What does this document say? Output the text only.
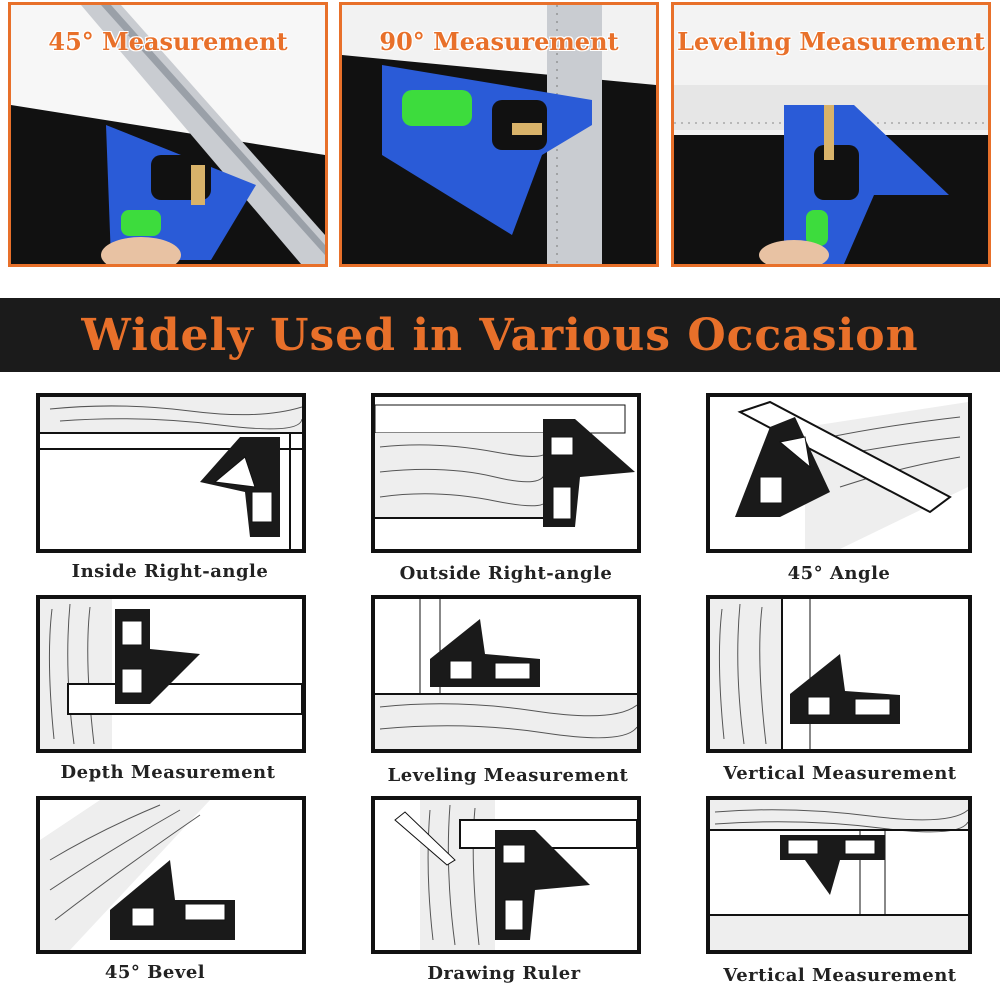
45° Measurement	90° Measurement	Leveling Measurement
Widely Used in Various Occasion
Inside Right-angle	Outside Right-angle	45° Angle
Depth Measurement	Leveling Measurement	Vertical Measurement
45° Bevel	Drawing Ruler	Vertical Measurement
